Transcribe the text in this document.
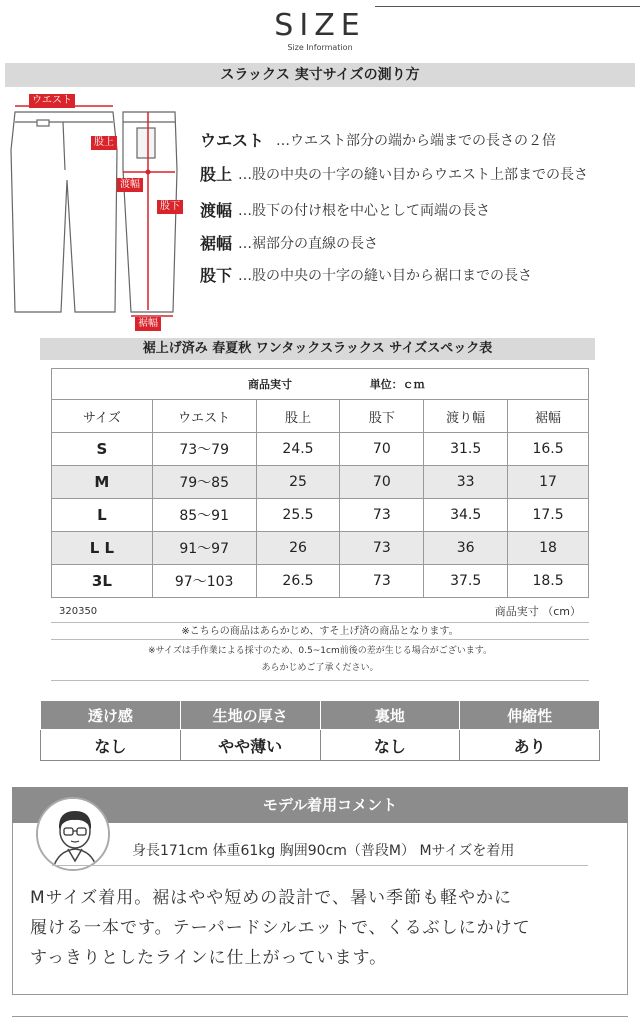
SIZE
Size Information
スラックス 実寸サイズの測り方
ウエスト
股上
渡幅
股下
裾幅
ウエスト …ウエスト部分の端から端までの長さの２倍
股上 …股の中央の十字の縫い目からウエスト上部までの長さ
渡幅 …股下の付け根を中心として両端の長さ
裾幅 …裾部分の直線の長さ
股下 …股の中央の十字の縫い目から裾口までの長さ
裾上げ済み 春夏秋 ワンタックスラックス サイズスペック表
商品実寸 単位：ｃｍ					
サイズ	ウエスト	股上	股下	渡り幅	裾幅
S	73～79	24.5	70	31.5	16.5
M	79～85	25	70	33	17
L	85～91	25.5	73	34.5	17.5
L L	91～97	26	73	36	18
3L	97～103	26.5	73	37.5	18.5
320350	商品実寸 （cm）
※こちらの商品はあらかじめ、すそ上げ済の商品となります。
※サイズは手作業による採寸のため、0.5~1cm前後の差が生じる場合がございます。
あらかじめご了承ください。
透け感	生地の厚さ	裏地	伸縮性
なし	やや薄い	なし	あり
モデル着用コメント
身長171cm 体重61kg 胸囲90cm（普段M） Mサイズを着用
Mサイズ着用。裾はやや短めの設計で、暑い季節も軽やかに
履ける一本です。テーパードシルエットで、くるぶしにかけて
すっきりとしたラインに仕上がっています。
